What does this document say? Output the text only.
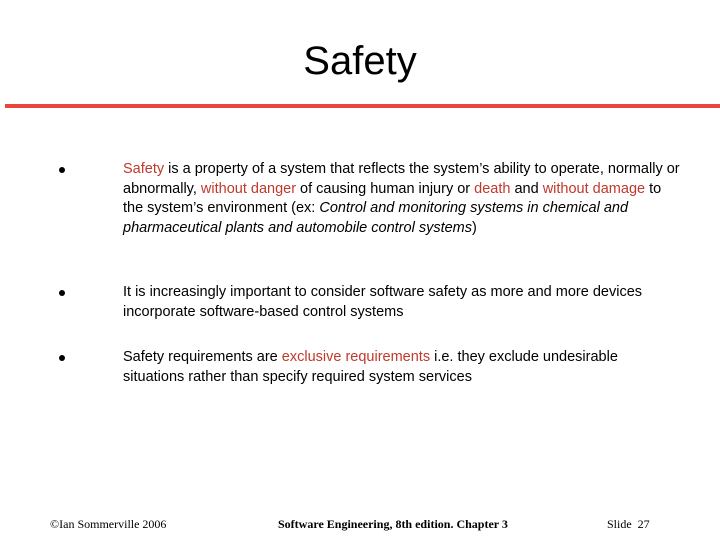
Safety
Safety is a property of a system that reflects the system’s ability to operate, normally or abnormally, without danger of causing human injury or death and without damage to the system’s environment (ex: Control and monitoring systems in chemical and pharmaceutical plants and automobile control systems)
It is increasingly important to consider software safety as more and more devices incorporate software-based control systems
Safety requirements are exclusive requirements i.e. they exclude undesirable situations rather than specify required system services
©Ian Sommerville 2006	Software Engineering, 8th edition. Chapter 3	Slide  27
